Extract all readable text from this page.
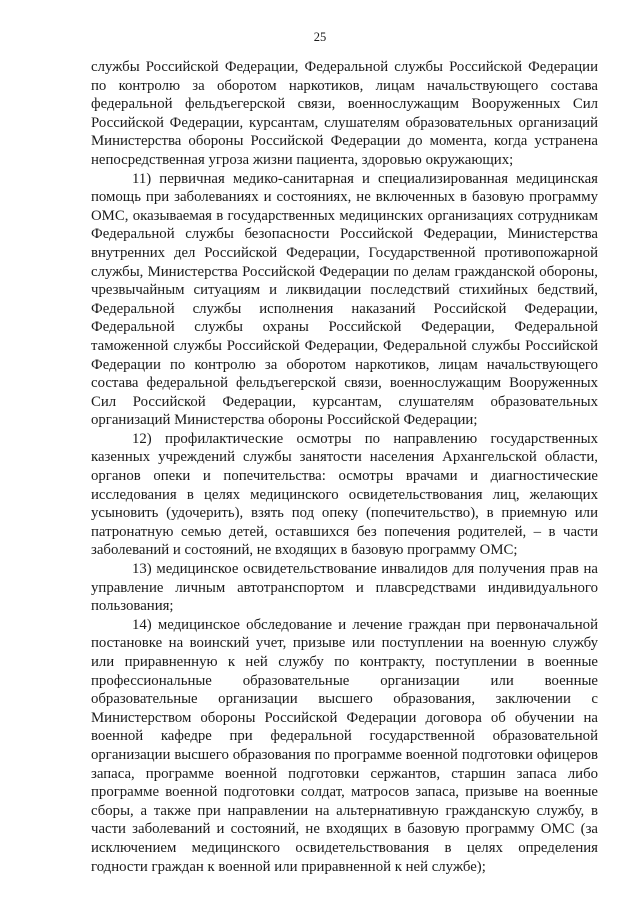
25

службы Российской Федерации, Федеральной службы Российской Федерации по контролю за оборотом наркотиков, лицам начальствующего состава федеральной фельдъегерской связи, военнослужащим Вооруженных Сил Российской Федерации, курсантам, слушателям образовательных организаций Министерства обороны Российской Федерации до момента, когда устранена непосредственная угроза жизни пациента, здоровью окружающих;

11) первичная медико-санитарная и специализированная медицинская помощь при заболеваниях и состояниях, не включенных в базовую программу ОМС, оказываемая в государственных медицинских организациях сотрудникам Федеральной службы безопасности Российской Федерации, Министерства внутренних дел Российской Федерации, Государственной противопожарной службы, Министерства Российской Федерации по делам гражданской обороны, чрезвычайным ситуациям и ликвидации последствий стихийных бедствий, Федеральной службы исполнения наказаний Российской Федерации, Федеральной службы охраны Российской Федерации, Федеральной таможенной службы Российской Федерации, Федеральной службы Российской Федерации по контролю за оборотом наркотиков, лицам начальствующего состава федеральной фельдъегерской связи, военнослужащим Вооруженных Сил Российской Федерации, курсантам, слушателям образовательных организаций Министерства обороны Российской Федерации;

12) профилактические осмотры по направлению государственных казенных учреждений службы занятости населения Архангельской области, органов опеки и попечительства: осмотры врачами и диагностические исследования в целях медицинского освидетельствования лиц, желающих усыновить (удочерить), взять под опеку (попечительство), в приемную или патронатную семью детей, оставшихся без попечения родителей, – в части заболеваний и состояний, не входящих в базовую программу ОМС;

13) медицинское освидетельствование инвалидов для получения прав на управление личным автотранспортом и плавсредствами индивидуального пользования;

14) медицинское обследование и лечение граждан при первоначальной постановке на воинский учет, призыве или поступлении на военную службу или приравненную к ней службу по контракту, поступлении в военные профессиональные образовательные организации или военные образовательные организации высшего образования, заключении с Министерством обороны Российской Федерации договора об обучении на военной кафедре при федеральной государственной образовательной организации высшего образования по программе военной подготовки офицеров запаса, программе военной подготовки сержантов, старшин запаса либо программе военной подготовки солдат, матросов запаса, призыве на военные сборы, а также при направлении на альтернативную гражданскую службу, в части заболеваний и состояний, не входящих в базовую программу ОМС (за исключением медицинского освидетельствования в целях определения годности граждан к военной или приравненной к ней службе);
